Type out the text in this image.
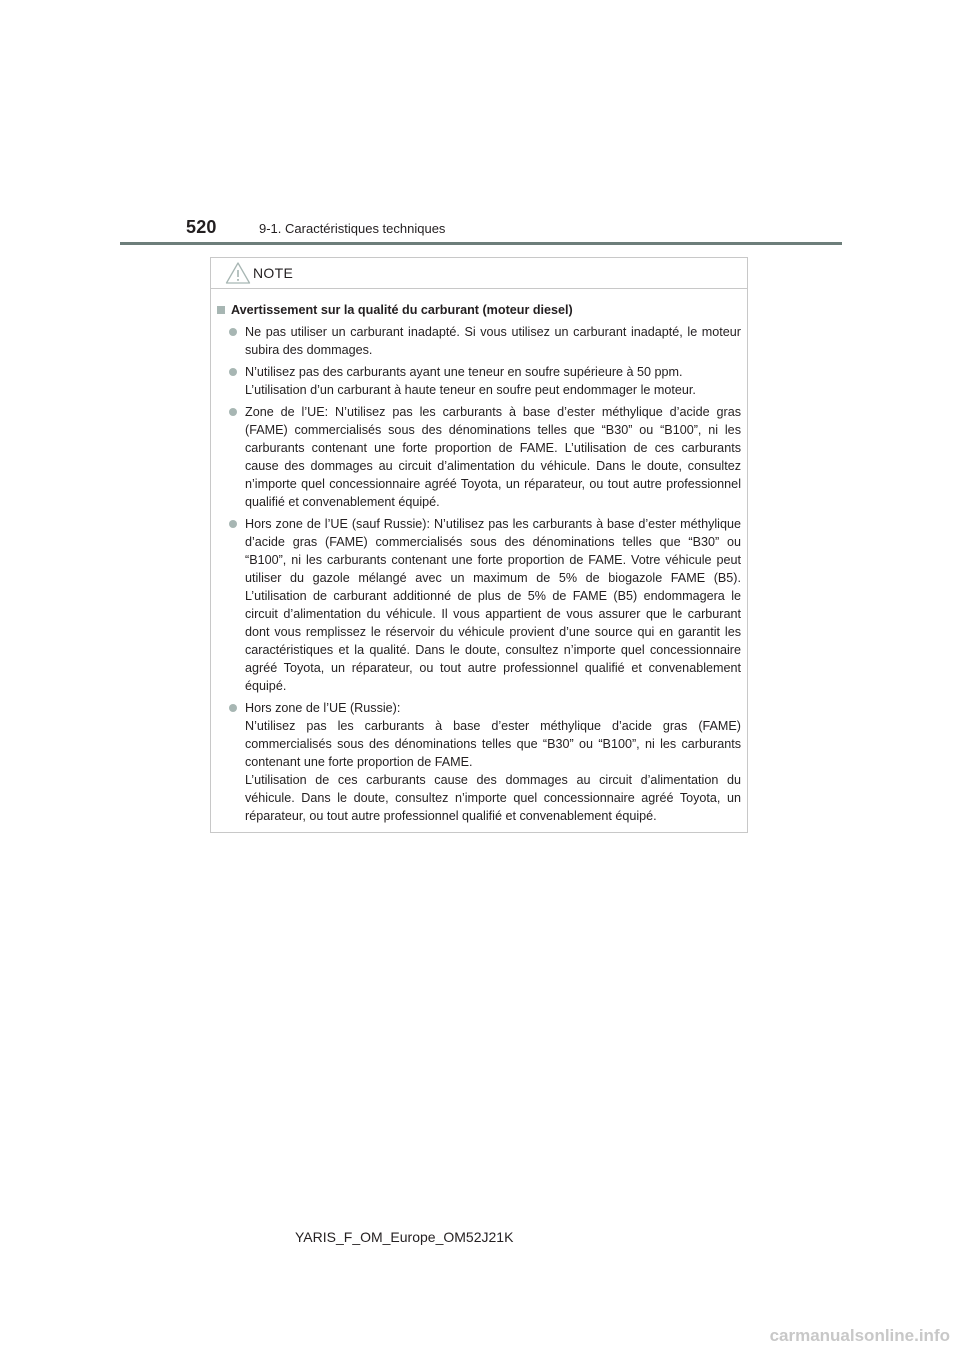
520	9-1. Caractéristiques techniques
NOTE
Avertissement sur la qualité du carburant (moteur diesel)

Ne pas utiliser un carburant inadapté. Si vous utilisez un carburant inadapté, le moteur subira des dommages.

N’utilisez pas des carburants ayant une teneur en soufre supérieure à 50 ppm.

L’utilisation d’un carburant à haute teneur en soufre peut endommager le moteur.

Zone de l’UE: N’utilisez pas les carburants à base d’ester méthylique d’acide gras (FAME) commercialisés sous des dénominations telles que “B30” ou “B100”, ni les carburants contenant une forte proportion de FAME. L’utilisation de ces carburants cause des dommages au circuit d’alimentation du véhicule. Dans le doute, consultez n’importe quel concessionnaire agréé Toyota, un réparateur, ou tout autre professionnel qualifié et convenablement équipé.

Hors zone de l’UE (sauf Russie): N’utilisez pas les carburants à base d’ester méthylique d’acide gras (FAME) commercialisés sous des dénominations telles que “B30” ou “B100”, ni les carburants contenant une forte proportion de FAME. Votre véhicule peut utiliser du gazole mélangé avec un maximum de 5% de biogazole FAME (B5). L’utilisation de carburant additionné de plus de 5% de FAME (B5) endommagera le circuit d’alimentation du véhicule. Il vous appartient de vous assurer que le carburant dont vous remplissez le réservoir du véhicule provient d’une source qui en garantit les caractéristiques et la qualité. Dans le doute, consultez n’importe quel concessionnaire agréé Toyota, un réparateur, ou tout autre professionnel qualifié et convenablement équipé.

Hors zone de l’UE (Russie):

N’utilisez pas les carburants à base d’ester méthylique d’acide gras (FAME) commercialisés sous des dénominations telles que “B30” ou “B100”, ni les carburants contenant une forte proportion de FAME.

L’utilisation de ces carburants cause des dommages au circuit d’alimentation du véhicule. Dans le doute, consultez n’importe quel concessionnaire agréé Toyota, un réparateur, ou tout autre professionnel qualifié et convenablement équipé.

YARIS_F_OM_Europe_OM52J21K
carmanualsonline.info
